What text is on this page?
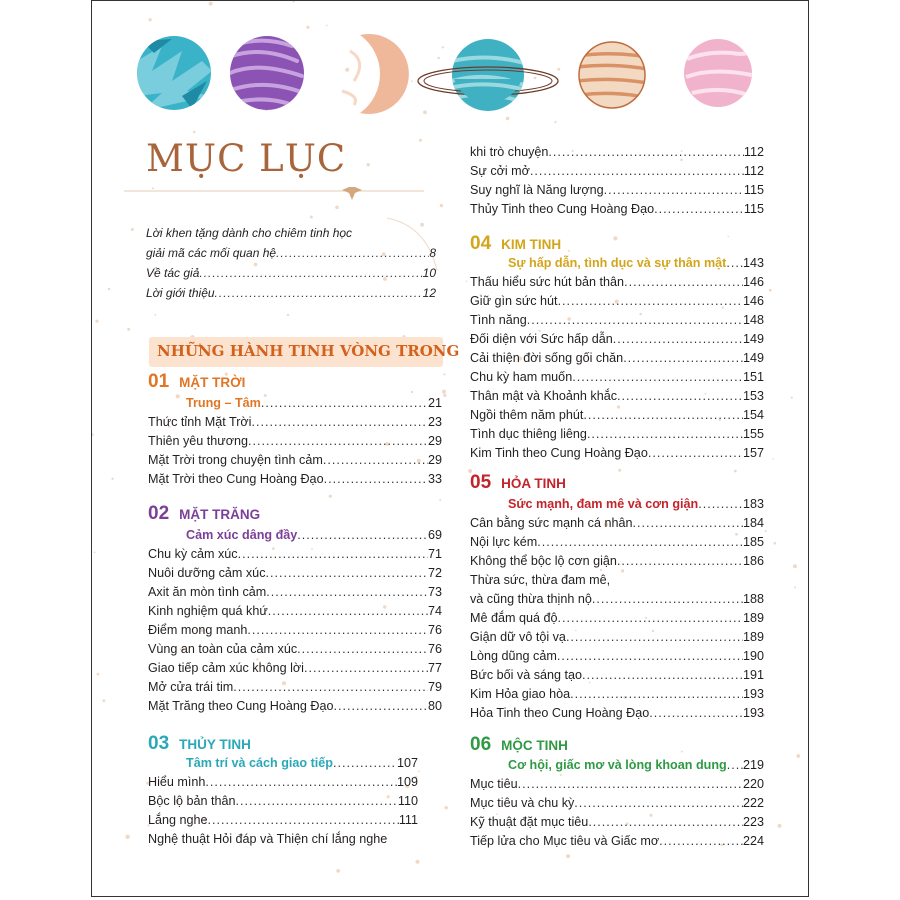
MỤC LỤC
NHỮNG HÀNH TINH VÒNG TRONG
Lời khen tặng dành cho chiêm tinh học
giải mã các mối quan hệ .....	8
Về tác giả .....	10
Lời giới thiệu .....	12
01 MẶT TRỜI
Trung – Tâm .....	21
Thức tỉnh Mặt Trời .....	23
Thiên yêu thương .....	29
Mặt Trời trong chuyện tình cảm .....	29
Mặt Trời theo Cung Hoàng Đạo .....	33
02 MẶT TRĂNG
Cảm xúc dâng đầy .....	69
Chu kỳ cảm xúc .....	71
Nuôi dưỡng cảm xúc .....	72
Axit ăn mòn tình cảm .....	73
Kinh nghiệm quá khứ .....	74
Điểm mong manh .....	76
Vùng an toàn của cảm xúc .....	76
Giao tiếp cảm xúc không lời .....	77
Mở cửa trái tim .....	79
Mặt Trăng theo Cung Hoàng Đạo .....	80
03 THỦY TINH
Tâm trí và cách giao tiếp .....	107
Hiểu mình .....	109
Bộc lộ bản thân .....	110
Lắng nghe .....	111
Nghệ thuật Hỏi đáp và Thiện chí lắng nghe
khi trò chuyện .....	112
Sự cởi mở .....	112
Suy nghĩ là Năng lượng .....	115
Thủy Tinh theo Cung Hoàng Đạo .....	115
04 KIM TINH
Sự hấp dẫn, tình dục và sự thân mật ..... 143
Thấu hiểu sức hút bản thân .....	146
Giữ gìn sức hút .....	146
Tình năng .....	148
Đối diện với Sức hấp dẫn .....	149
Cải thiện đời sống gối chăn .....	149
Chu kỳ ham muốn .....	151
Thân mật và Khoảnh khắc .....	153
Ngồi thêm năm phút .....	154
Tình dục thiêng liêng .....	155
Kim Tinh theo Cung Hoàng Đạo .....	157
05 HỎA TINH
Sức mạnh, đam mê và cơn giận .....	183
Cân bằng sức mạnh cá nhân .....	184
Nội lực kém .....	185
Không thể bộc lộ cơn giận .....	186
Thừa sức, thừa đam mê,
và cũng thừa thịnh nộ .....	188
Mê đắm quá độ .....	189
Giận dữ vô tội vạ .....	189
Lòng dũng cảm .....	190
Bức bối và sáng tạo .....	191
Kim Hỏa giao hòa .....	193
Hỏa Tinh theo Cung Hoàng Đạo .....	193
06 MỘC TINH
Cơ hội, giấc mơ và lòng khoan dung ..... 219
Mục tiêu .....	220
Mục tiêu và chu kỳ .....	222
Kỹ thuật đặt mục tiêu .....	223
Tiếp lửa cho Mục tiêu và Giấc mơ .....	224
